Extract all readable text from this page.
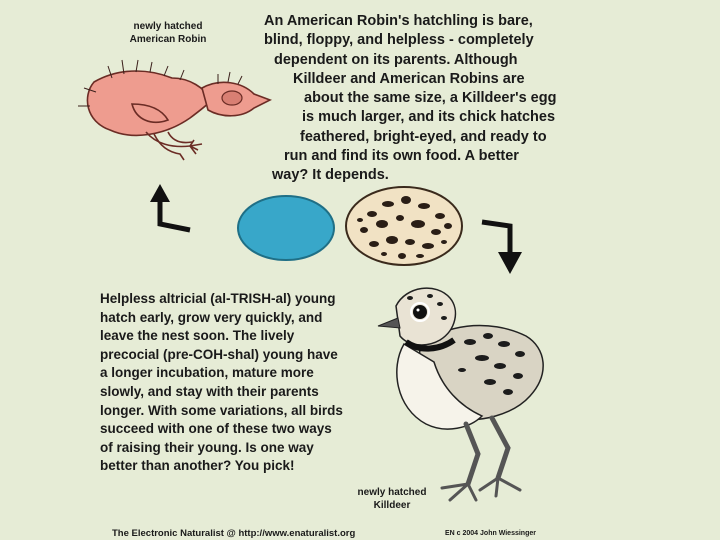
newly hatched
American Robin
An American Robin's hatchling is bare,
blind, floppy, and helpless - completely
dependent on its parents. Although
Killdeer and American Robins are
about the same size, a Killdeer's egg
is much larger, and its chick hatches
feathered, bright-eyed, and ready to
run and find its own food. A better
way? It depends.
Helpless altricial (al-TRISH-al) young
hatch early, grow very quickly, and
leave the nest soon. The lively
precocial (pre-COH-shal) young have
a longer incubation, mature more
slowly, and stay with their parents
longer. With some variations, all birds
succeed with one of these two ways
of raising their young. Is one way
better than another? You pick!
newly hatched
Killdeer
The Electronic Naturalist @ http://www.enaturalist.org	EN c 2004 John Wiessinger
